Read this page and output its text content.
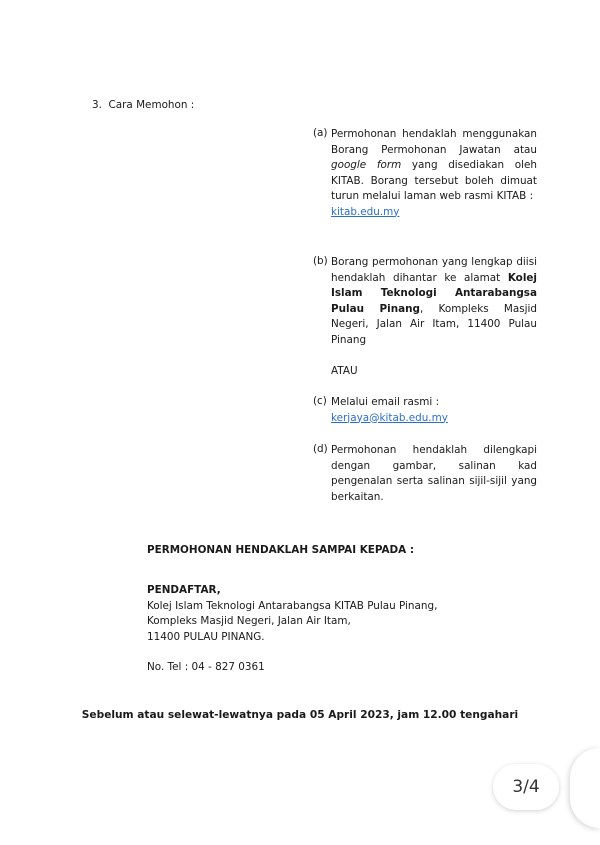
3. Cara Memohon :
(a) Permohonan hendaklah menggunakan Borang Permohonan Jawatan atau google form yang disediakan oleh KITAB. Borang tersebut boleh dimuat turun melalui laman web rasmi KITAB :
kitab.edu.my
(b) Borang permohonan yang lengkap diisi hendaklah dihantar ke alamat Kolej Islam Teknologi Antarabangsa Pulau Pinang, Kompleks Masjid Negeri, Jalan Air Itam, 11400 Pulau Pinang

ATAU
(c) Melalui email rasmi :
kerjaya@kitab.edu.my
(d) Permohonan hendaklah dilengkapi dengan gambar, salinan kad pengenalan serta salinan sijil-sijil yang berkaitan.
PERMOHONAN HENDAKLAH SAMPAI KEPADA :
PENDAFTAR,
Kolej Islam Teknologi Antarabangsa KITAB Pulau Pinang,
Kompleks Masjid Negeri, Jalan Air Itam,
11400 PULAU PINANG.
No. Tel : 04 - 827 0361
Sebelum atau selewat-lewatnya pada 05 April 2023, jam 12.00 tengahari
3/4
